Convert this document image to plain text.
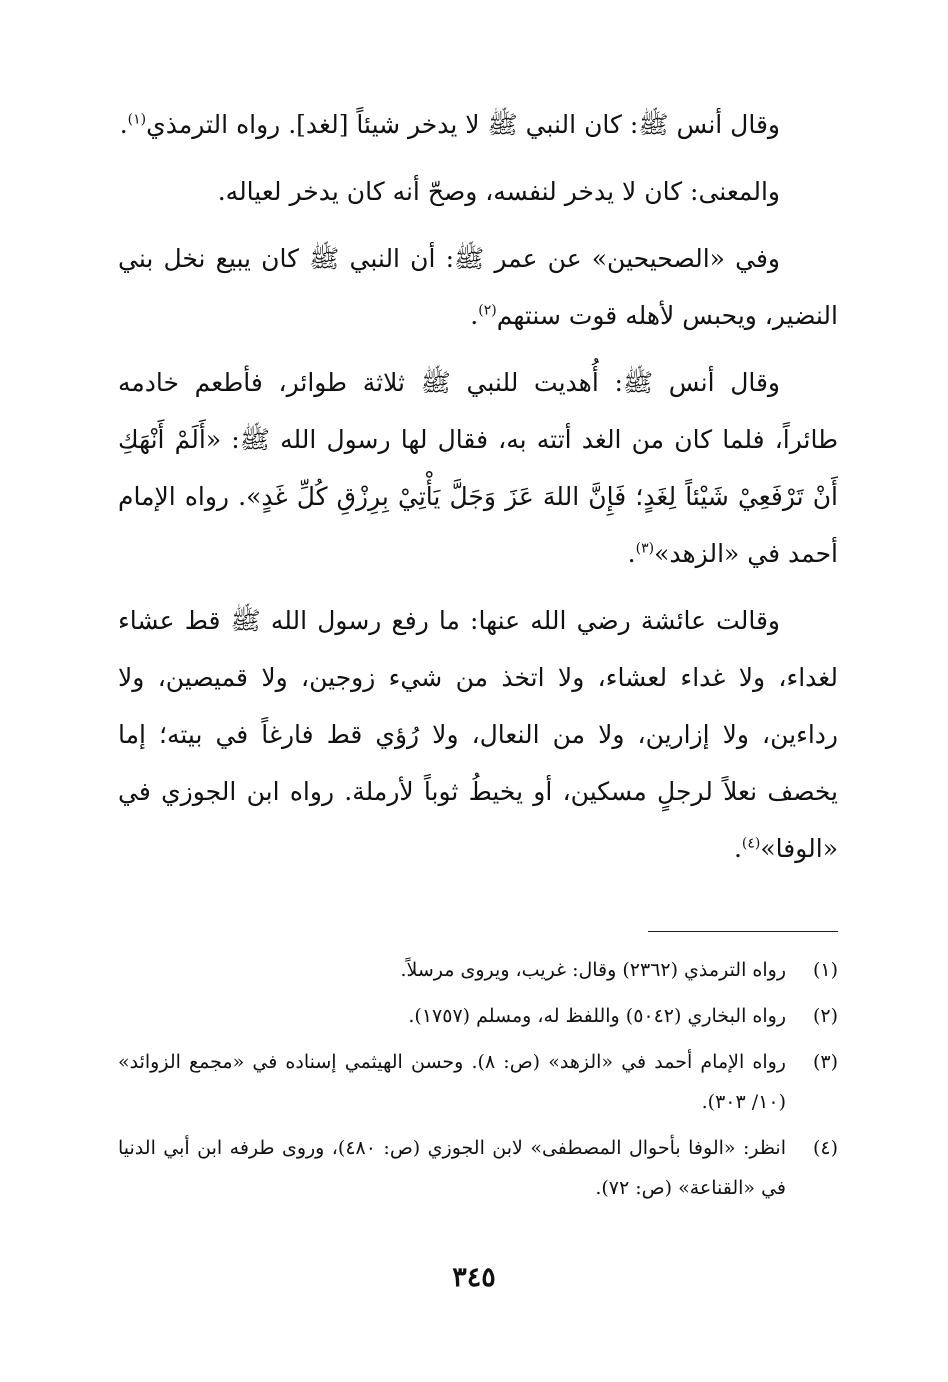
وقال أنس ﷺ: كان النبي ﷺ لا يدخر شيئاً [لغد]. رواه الترمذي$^{(١)}$.

والمعنى: كان لا يدخر لنفسه، وصحّ أنه كان يدخر لعياله.

وفي «الصحيحين» عن عمر ﷺ: أن النبي ﷺ كان يبيع نخل بني النضير، ويحبس لأهله قوت سنتهم$^{(٢)}$.

وقال أنس ﷺ: أُهديت للنبي ﷺ ثلاثة طوائر، فأطعم خادمه طائراً، فلما كان من الغد أتته به، فقال لها رسول الله ﷺ: «أَلَمْ أَنْهَكِ أَنْ تَرْفَعِيْ شَيْئاً لِغَدٍ؛ فَإِنَّ اللهَ عَزَ وَجَلَّ يَأْتِيْ بِرِزْقِ كُلِّ غَدٍ». رواه الإمام أحمد في «الزهد»$^{(٣)}$.

وقالت عائشة رضي الله عنها: ما رفع رسول الله ﷺ قط عشاء لغداء، ولا غداء لعشاء، ولا اتخذ من شيء زوجين، ولا قميصين، ولا رداءين، ولا إزارين، ولا من النعال، ولا رُؤي قط فارغاً في بيته؛ إما يخصف نعلاً لرجلٍ مسكين، أو يخيطُ ثوباً لأرملة. رواه ابن الجوزي في «الوفا»$^{(٤)}$.

(١)
رواه الترمذي (٢٣٦٢) وقال: غريب، ويروى مرسلاً.
(٢)
رواه البخاري (٥٠٤٢) واللفظ له، ومسلم (١٧٥٧).
(٣)
رواه الإمام أحمد في «الزهد» (ص: ٨). وحسن الهيثمي إسناده في «مجمع الزوائد» (١٠/ ٣٠٣).
(٤)
انظر: «الوفا بأحوال المصطفى» لابن الجوزي (ص: ٤٨٠)، وروى طرفه ابن أبي الدنيا في «القناعة» (ص: ٧٢).
٣٤٥
